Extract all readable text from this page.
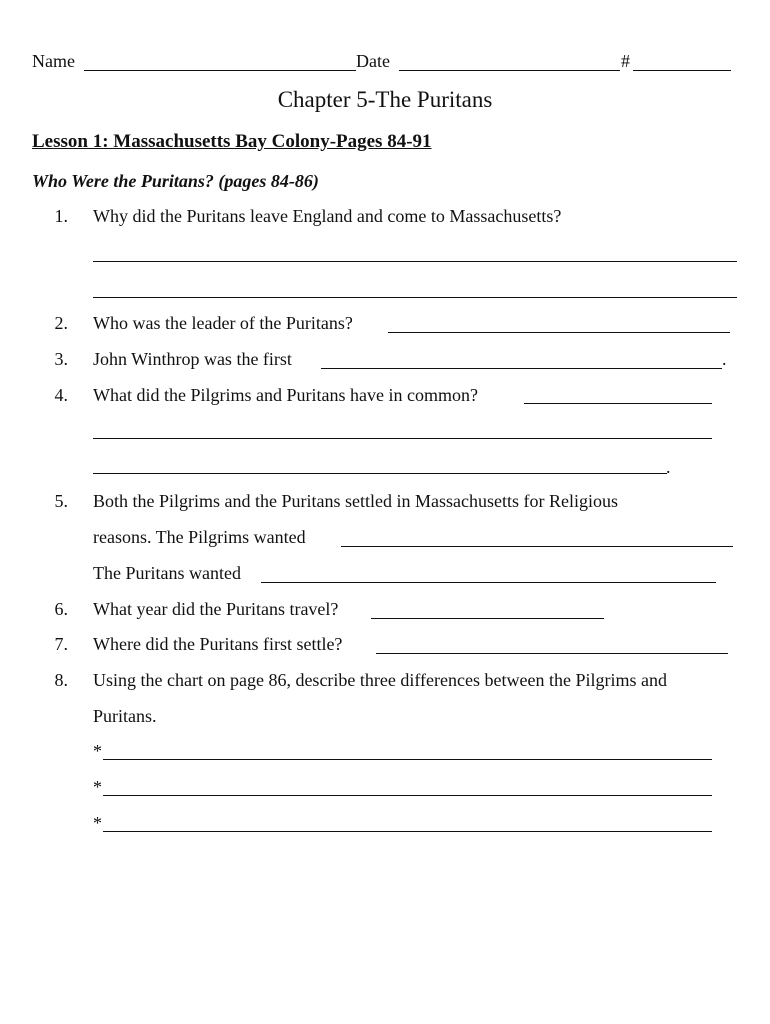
Name	Date	#
Chapter 5-The Puritans
Lesson 1: Massachusetts Bay Colony-Pages 84-91
Who Were the Puritans? (pages 84-86)
1. Why did the Puritans leave England and come to Massachusetts?
2. Who was the leader of the Puritans?
3. John Winthrop was the first	.
4. What did the Pilgrims and Puritans have in common?
.
5. Both the Pilgrims and the Puritans settled in Massachusetts for Religious
reasons. The Pilgrims wanted
The Puritans wanted
6. What year did the Puritans travel?
7. Where did the Puritans first settle?
8. Using the chart on page 86, describe three differences between the Pilgrims and
Puritans.
*
*
*
